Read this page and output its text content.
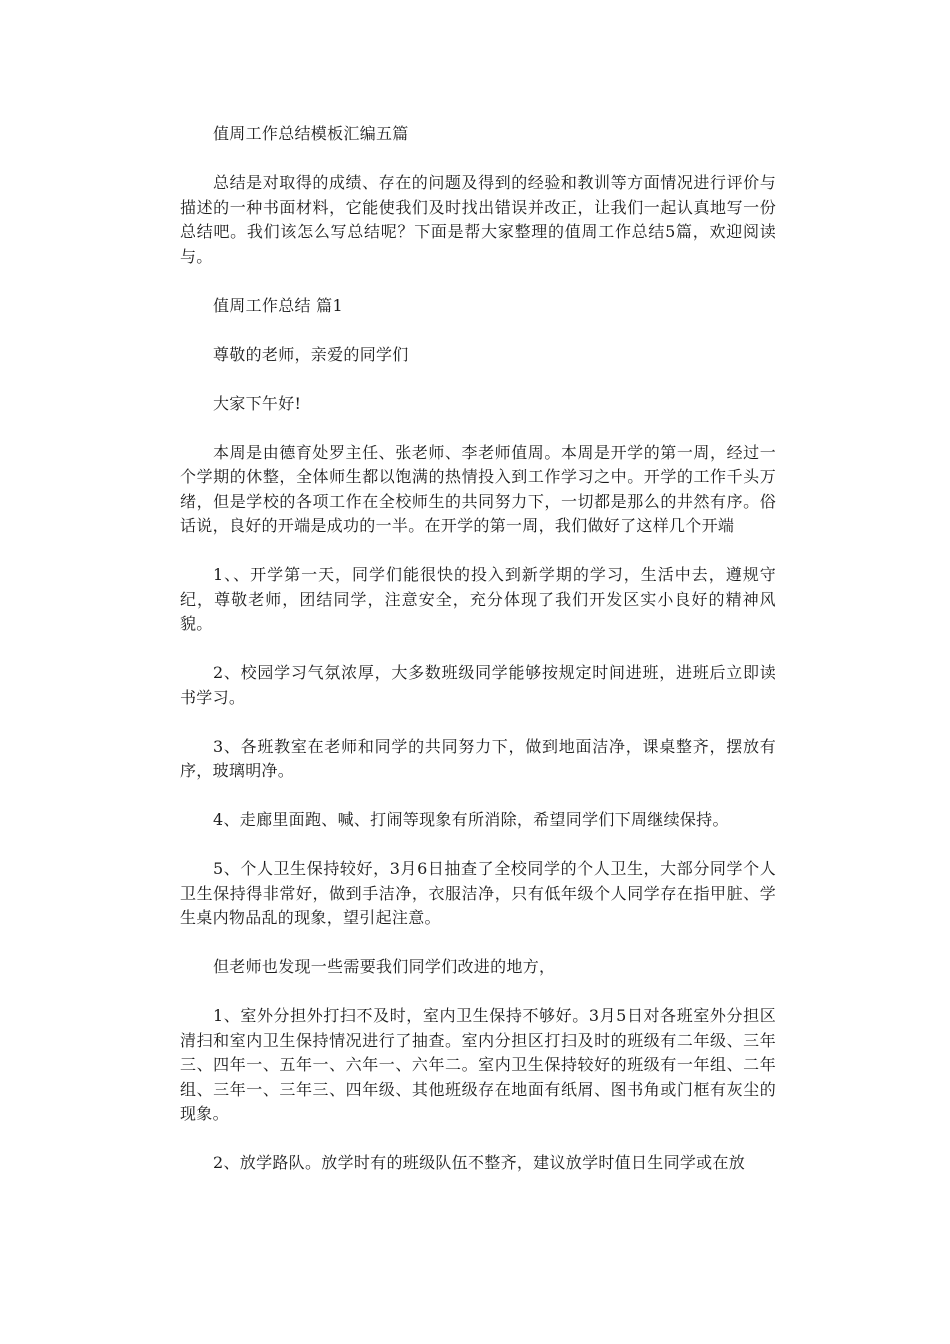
值周工作总结模板汇编五篇

总结是对取得的成绩、存在的问题及得到的经验和教训等方面情况进行评价与描述的一种书面材料，它能使我们及时找出错误并改正，让我们一起认真地写一份总结吧。我们该怎么写总结呢？下面是帮大家整理的值周工作总结5篇，欢迎阅读与。

值周工作总结 篇1

尊敬的老师，亲爱的同学们

大家下午好!

本周是由德育处罗主任、张老师、李老师值周。本周是开学的第一周，经过一个学期的休整，全体师生都以饱满的热情投入到工作学习之中。开学的工作千头万绪，但是学校的各项工作在全校师生的共同努力下，一切都是那么的井然有序。俗话说，良好的开端是成功的一半。在开学的第一周，我们做好了这样几个开端

1、、开学第一天，同学们能很快的投入到新学期的学习，生活中去，遵规守纪，尊敬老师，团结同学，注意安全，充分体现了我们开发区实小良好的精神风貌。

2、校园学习气氛浓厚，大多数班级同学能够按规定时间进班，进班后立即读书学习。

3、各班教室在老师和同学的共同努力下，做到地面洁净，课桌整齐，摆放有序，玻璃明净。

4、走廊里面跑、喊、打闹等现象有所消除，希望同学们下周继续保持。

5、个人卫生保持较好，3月6日抽查了全校同学的个人卫生，大部分同学个人卫生保持得非常好，做到手洁净，衣服洁净，只有低年级个人同学存在指甲脏、学生桌内物品乱的现象，望引起注意。

但老师也发现一些需要我们同学们改进的地方，

1、室外分担外打扫不及时，室内卫生保持不够好。3月5日对各班室外分担区清扫和室内卫生保持情况进行了抽查。室内分担区打扫及时的班级有二年级、三年三、四年一、五年一、六年一、六年二。室内卫生保持较好的班级有一年组、二年组、三年一、三年三、四年级、其他班级存在地面有纸屑、图书角或门框有灰尘的现象。

2、放学路队。放学时有的班级队伍不整齐，建议放学时值日生同学或在放
